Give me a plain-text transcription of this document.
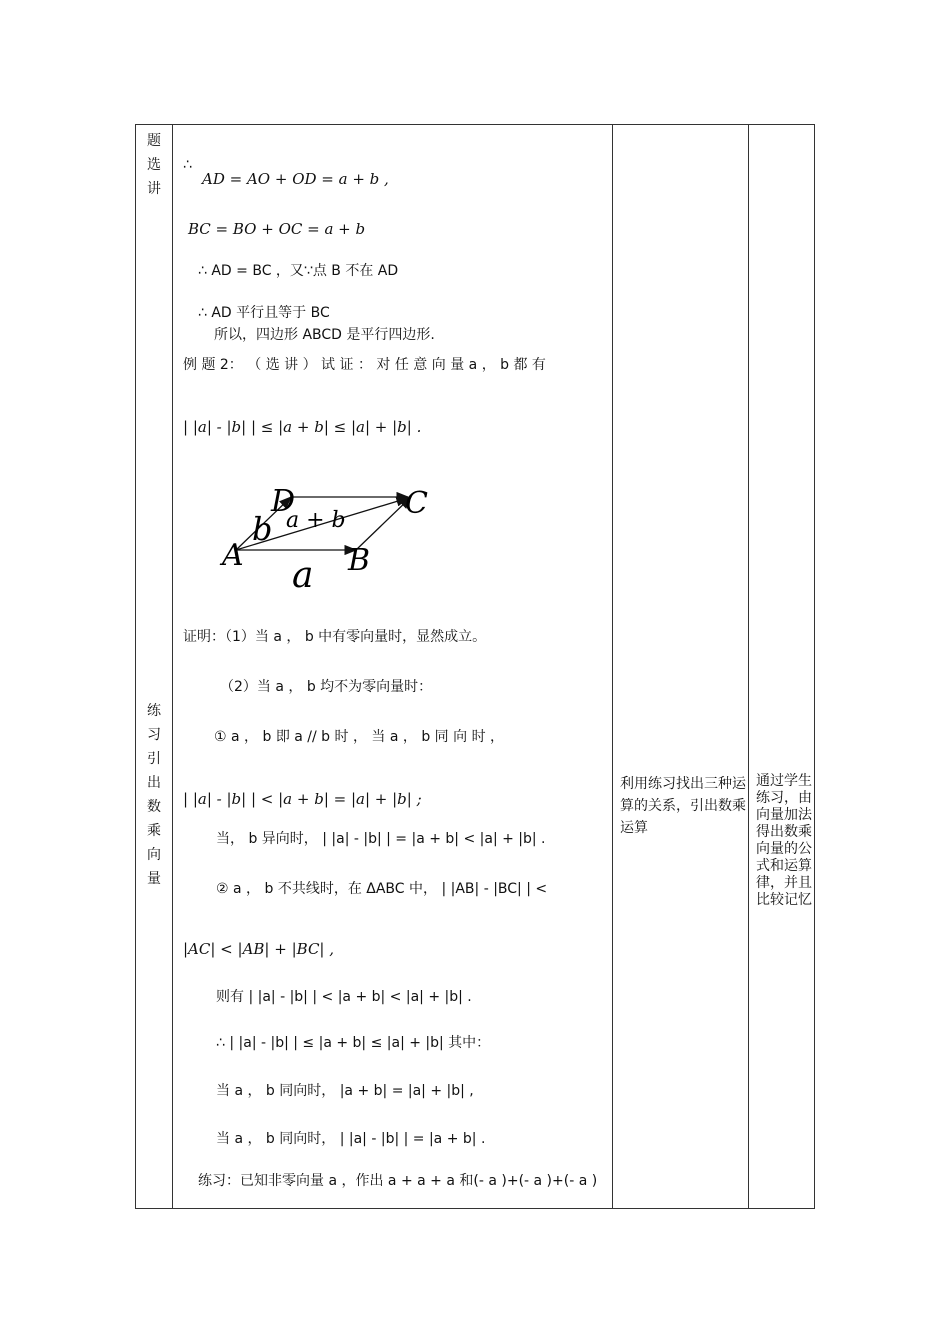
题
选
讲
练
习
引
出
数
乘
向
量
∴
AD = AO + OD = a + b ,
BC = BO + OC = a + b
∴ AD = BC ，又∵点 B 不在 AD
∴ AD 平行且等于 BC
所以，四边形 ABCD 是平行四边形.
例 题 2： （ 选 讲 ） 试 证 ： 对 任 意 向 量 a ， b 都 有
| |a| - |b| | ≤ |a + b| ≤ |a| + |b| .
A	B
C
D
b
a
a + b
证明：（1）当 a ， b 中有零向量时，显然成立。
（2）当 a ， b 均不为零向量时：
① a ， b 即 a // b 时 ， 当 a ， b 同 向 时 ，
| |a| - |b| | < |a + b| = |a| + |b| ;
当， b 异向时， | |a| - |b| | = |a + b| < |a| + |b| .
② a ， b 不共线时，在 ΔABC 中， | |AB| - |BC| | <
|AC| < |AB| + |BC| ,
则有 | |a| - |b| | < |a + b| < |a| + |b| .
∴ | |a| - |b| | ≤ |a + b| ≤ |a| + |b| 其中：
当 a ， b 同向时， |a + b| = |a| + |b| ,
当 a ， b 同向时， | |a| - |b| | = |a + b| .
练习：已知非零向量 a ，作出 a + a + a 和(- a )+(- a )+(- a )
利用练习找出三种运算的关系，引出数乘运算
通过学生练习，由向量加法得出数乘向量的公式和运算律，并且比较记忆
